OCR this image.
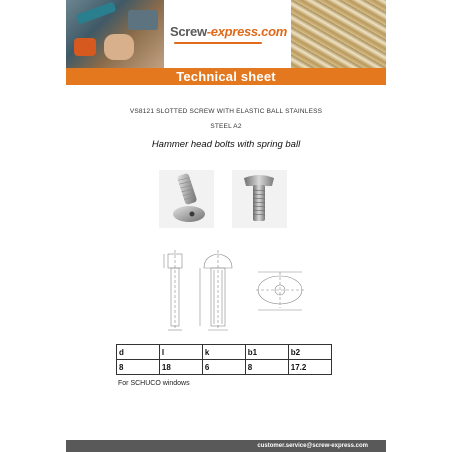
Screw-express.com
Technical sheet
VS8121 SLOTTED SCREW WITH ELASTIC BALL STAINLESS
STEEL A2
Hammer head bolts with spring ball
d	l	k	b1	b2
8	18	6	8	17.2
For SCHUCO windows
customer.service@screw-express.com
